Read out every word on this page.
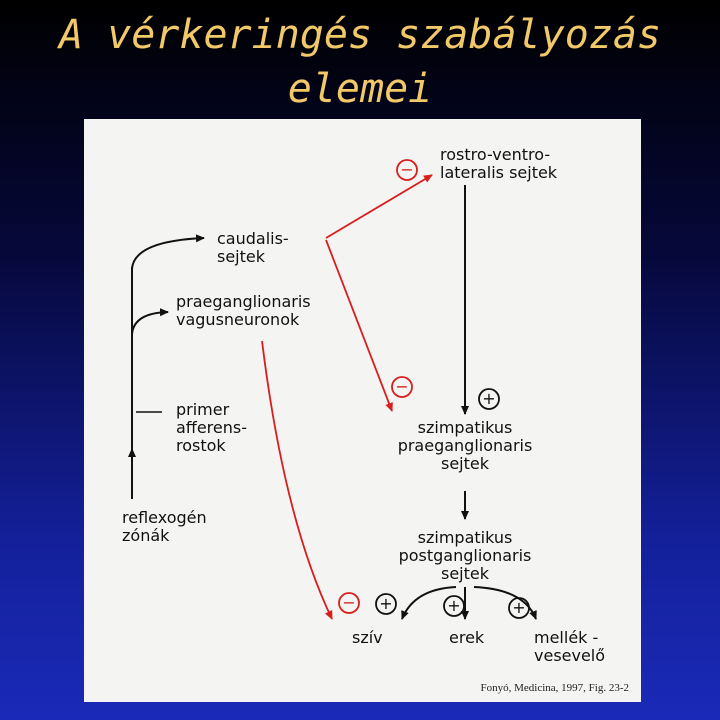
A vérkeringés szabályozás
elemei
−
−
−
+
+	+	+
rostro-ventro-
lateralis sejtek
caudalis-
sejtek
praeganglionaris
vagusneuronok
primer
afferens-
rostok
reflexogén
zónák
szimpatikus
praeganglionaris
sejtek
szimpatikus
postganglionaris
sejtek
szív	erek	mellék -
vesevelő
Fonyó, Medicina, 1997, Fig. 23-2
